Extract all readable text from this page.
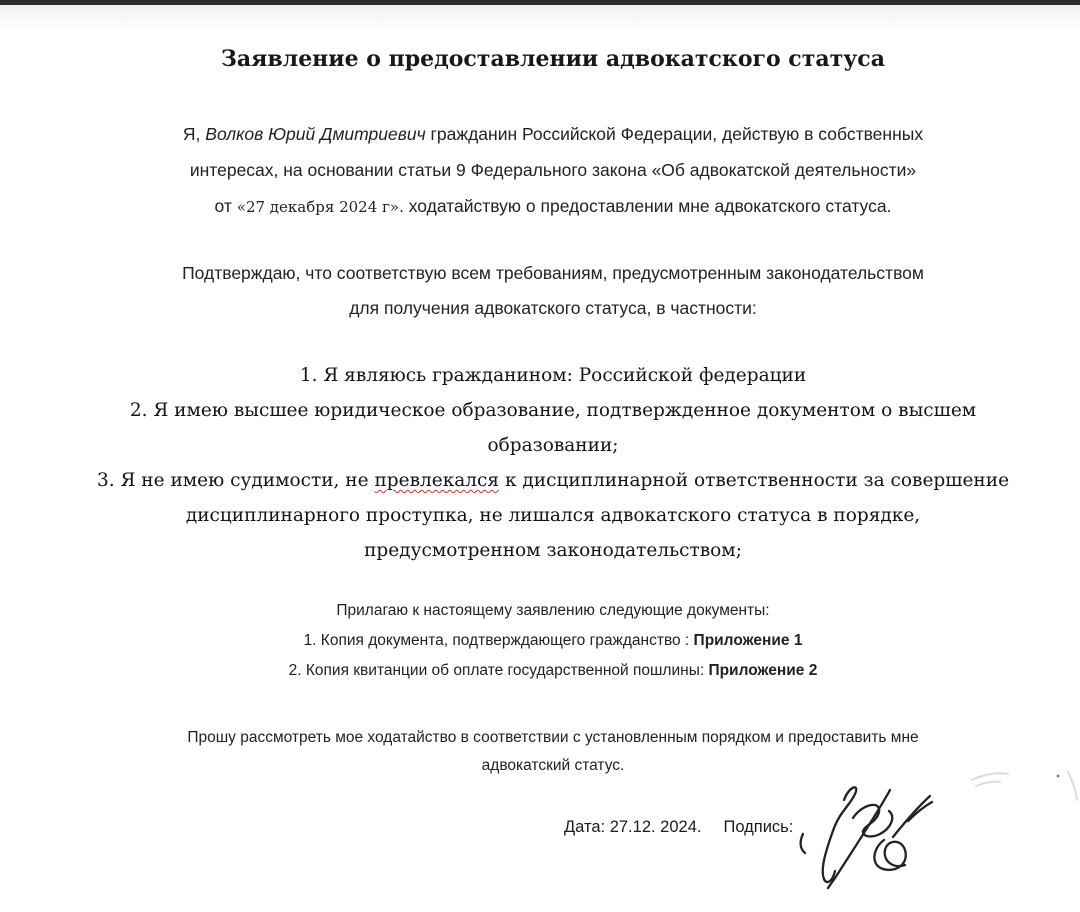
Заявление о предоставлении адвокатского статуса
Я, Волков Юрий Дмитриевич гражданин Российской Федерации, действую в собственных
интересах, на основании статьи 9 Федерального закона «Об адвокатской деятельности»
от «27 декабря 2024 г». ходатайствую о предоставлении мне адвокатского статуса.
Подтверждаю, что соответствую всем требованиям, предусмотренным законодательством
для получения адвокатского статуса, в частности:
1. Я являюсь гражданином: Российской федерации
2. Я имею высшее юридическое образование, подтвержденное документом о высшем
образовании;
3. Я не имею судимости, не превлекался к дисциплинарной ответственности за совершение
дисциплинарного проступка, не лишался адвокатского статуса в порядке,
предусмотренном законодательством;
Прилагаю к настоящему заявлению следующие документы:
1. Копия документа, подтверждающего гражданство : Приложение 1
2. Копия квитанции об оплате государственной пошлины: Приложение 2
Прошу рассмотреть мое ходатайство в соответствии с установленным порядком и предоставить мне
адвокатский статус.
Дата: 27.12. 2024. Подпись:
